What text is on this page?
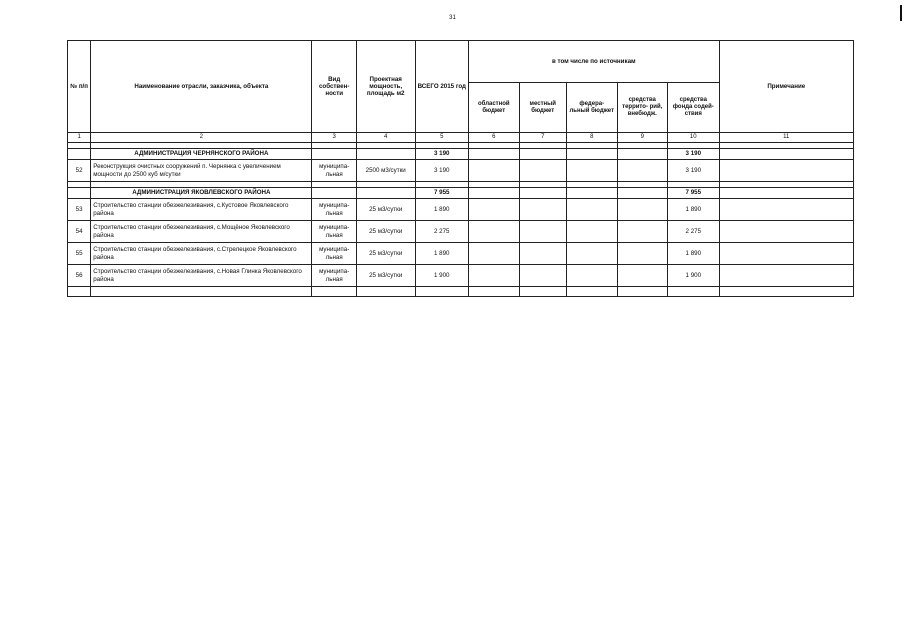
31
№ п/п	Наименование отрасли, заказчика, объекта	Вид собствен- ности	Проектная мощность, площадь м2	ВСЕГО 2015 год	в том числе по источникам					Примечание
					областной бюджет	местный бюджет	федера- льный бюджет	средства террито- рий, внебюдж.	средства фонда содей- ствия	
1	2	3	4	5	6	7	8	9	10	11

	АДМИНИСТРАЦИЯ ЧЕРНЯНСКОГО РАЙОНА			3 190					3 190	
52	Реконструкция очистных сооружений п. Чернянка с увеличением мощности до 2500 куб м/сутки	муниципа- льная	2500 м3/сутки	3 190					3 190	

	АДМИНИСТРАЦИЯ ЯКОВЛЕВСКОГО РАЙОНА			7 955					7 955	
53	Строительство станции обезжелезивания, с.Кустовое Яковлевского района	муниципа- льная	25 м3/сутки	1 890					1 890	
54	Строительство станции обезжелезивания, с.Мощёное Яковлевского района	муниципа- льная	25 м3/сутки	2 275					2 275	
55	Строительство станции обезжелезивания, с.Стрелецкое Яковлевского района	муниципа- льная	25 м3/сутки	1 890					1 890	
56	Строительство станции обезжелезивания, с.Новая Глинка Яковлевского района	муниципа- льная	25 м3/сутки	1 900					1 900	
